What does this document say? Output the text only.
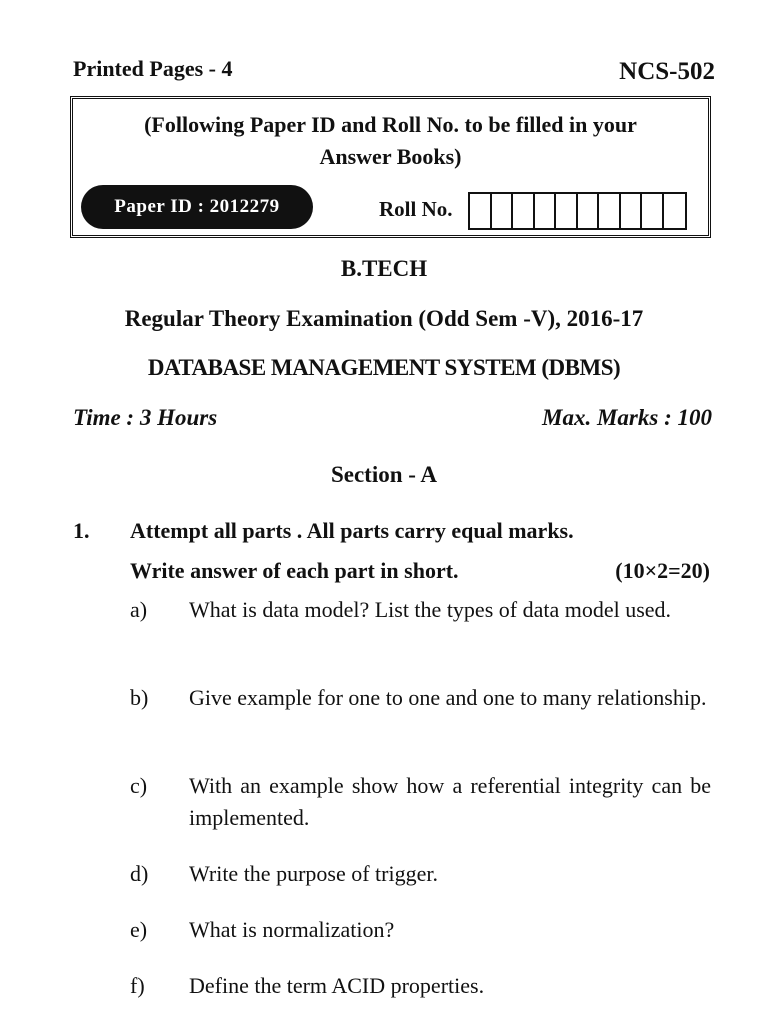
Printed Pages - 4	NCS-502
(Following Paper ID and Roll No. to be filled in your
Answer Books)
Paper ID : 2012279	Roll No.
B.TECH
Regular Theory Examination (Odd Sem -V), 2016-17
DATABASE MANAGEMENT SYSTEM (DBMS)
Time : 3 Hours	Max. Marks : 100
Section - A
1. Attempt all parts . All parts carry equal marks.
Write answer of each part in short.	(10×2=20)
a) What is data model? List the types of data model used.
b) Give example for one to one and one to many relationship.
c) With an example show how a referential integrity can be implemented.
d) Write the purpose of trigger.
e) What is normalization?
f) Define the term ACID properties.
